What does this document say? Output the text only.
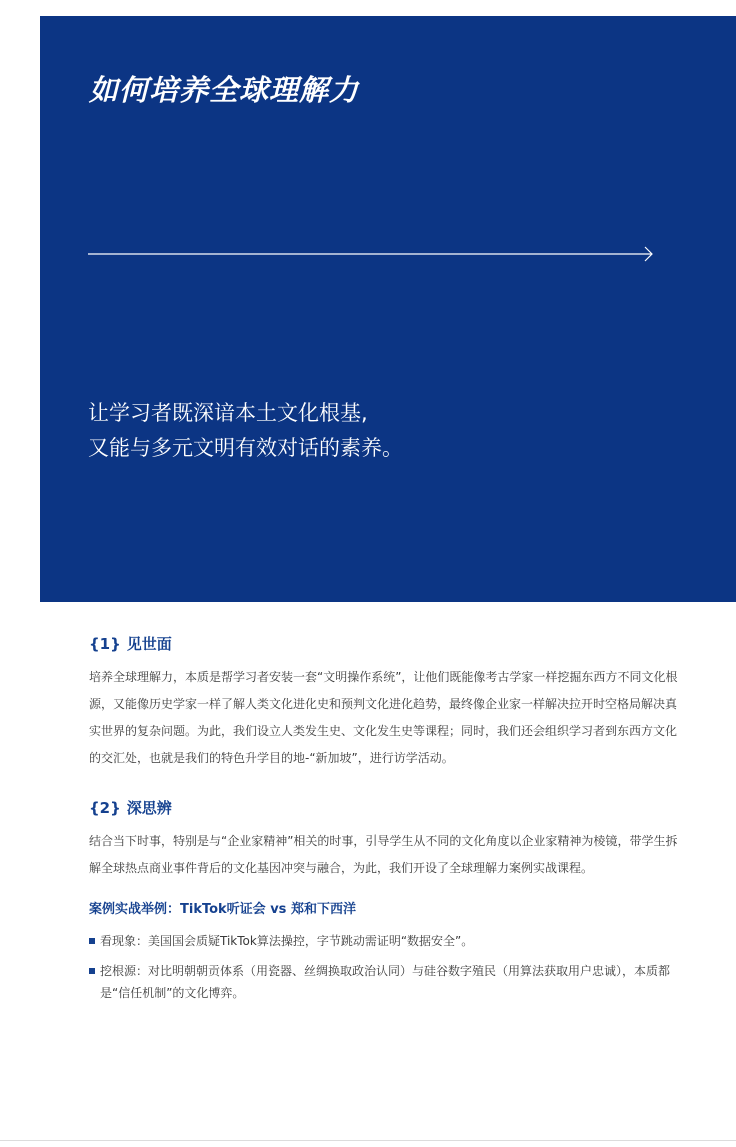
如何培养全球理解力

让学习者既深谙本土文化根基,
又能与多元文明有效对话的素养。

{1} 见世面

培养全球理解力，本质是帮学习者安装一套“文明操作系统”，让他们既能像考古学家一样挖掘东西方不同文化根源，又能像历史学家一样了解人类文化进化史和预判文化进化趋势，最终像企业家一样解决拉开时空格局解决真实世界的复杂问题。为此，我们设立人类发生史、文化发生史等课程；同时，我们还会组织学习者到东西方文化的交汇处，也就是我们的特色升学目的地-“新加坡”，进行访学活动。

{2} 深思辨

结合当下时事，特别是与“企业家精神”相关的时事，引导学生从不同的文化角度以企业家精神为棱镜，带学生拆解全球热点商业事件背后的文化基因冲突与融合，为此，我们开设了全球理解力案例实战课程。

案例实战举例：TikTok听证会 vs 郑和下西洋
看现象：美国国会质疑TikTok算法操控，字节跳动需证明“数据安全”。
挖根源：对比明朝朝贡体系（用瓷器、丝绸换取政治认同）与硅谷数字殖民（用算法获取用户忠诚），本质都是“信任机制”的文化博弈。
